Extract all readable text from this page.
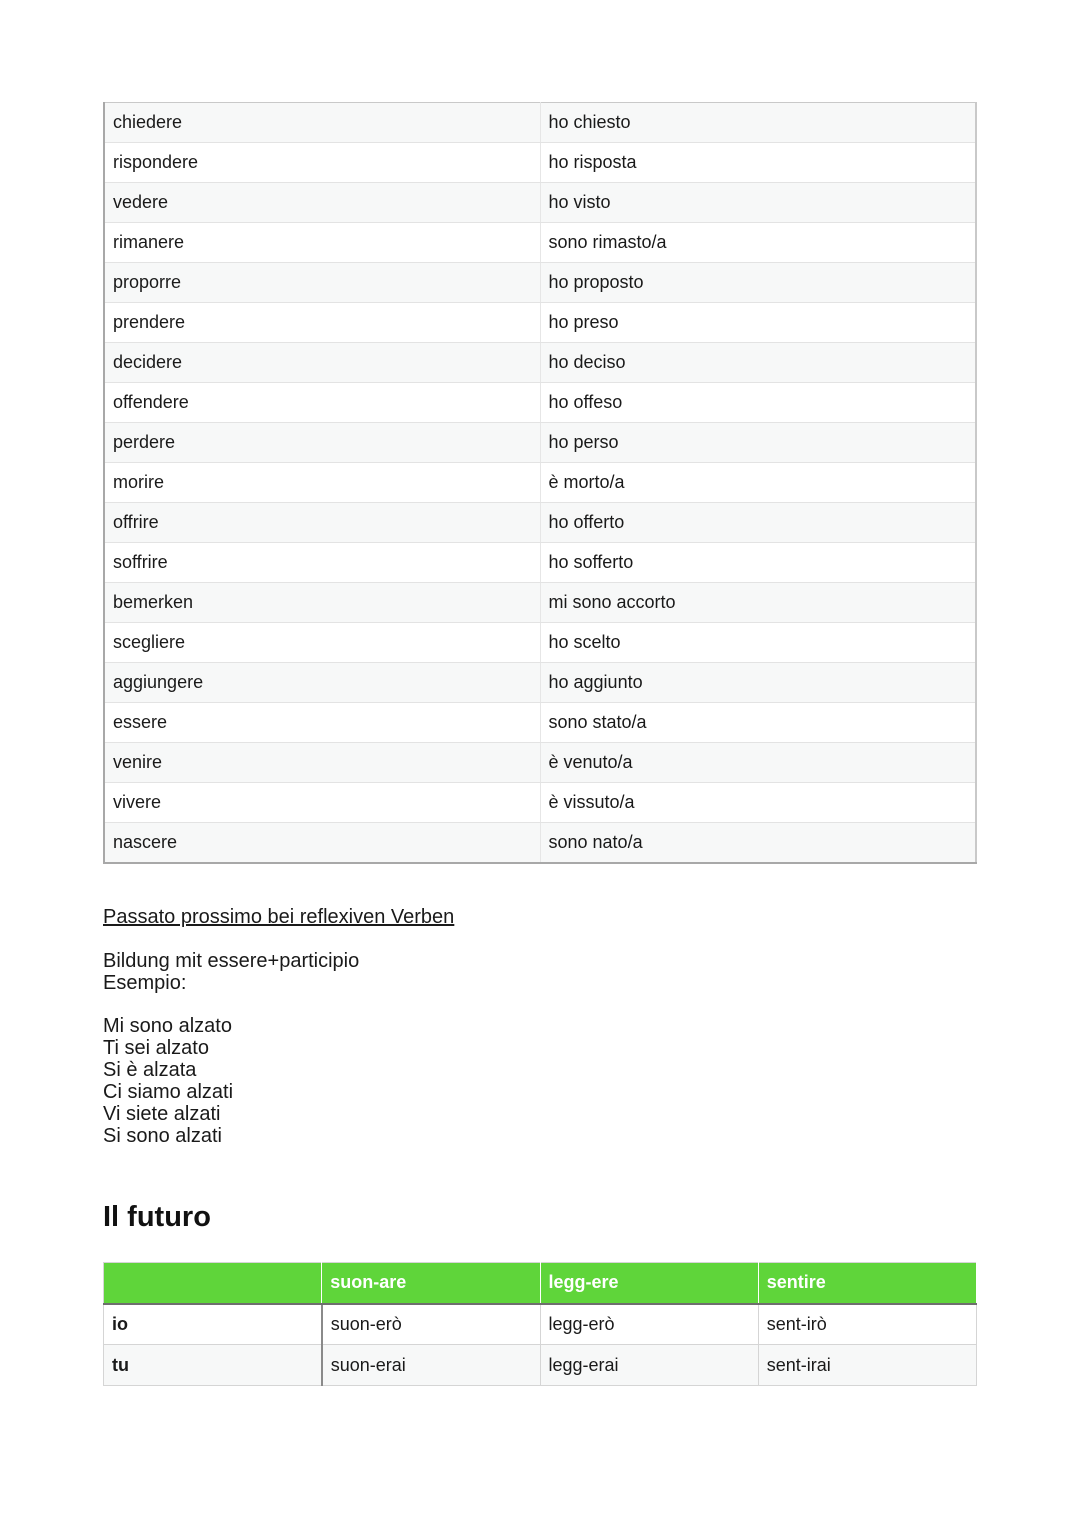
chiedere	ho chiesto
rispondere	ho risposta
vedere	ho visto
rimanere	sono rimasto/a
proporre	ho proposto
prendere	ho preso
decidere	ho deciso
offendere	ho offeso
perdere	ho perso
morire	è morto/a
offrire	ho offerto
soffrire	ho sofferto
bemerken	mi sono accorto
scegliere	ho scelto
aggiungere	ho aggiunto
essere	sono stato/a
venire	è venuto/a
vivere	è vissuto/a
nascere	sono nato/a
Passato prossimo bei reflexiven Verben
Bildung mit essere+participio
Esempio:
Mi sono alzato
Ti sei alzato
Si è alzata
Ci siamo alzati
Vi siete alzati
Si sono alzati
Il futuro
	suon-are	legg-ere	sentire
io	suon-erò	legg-erò	sent-irò
tu	suon-erai	legg-erai	sent-irai
